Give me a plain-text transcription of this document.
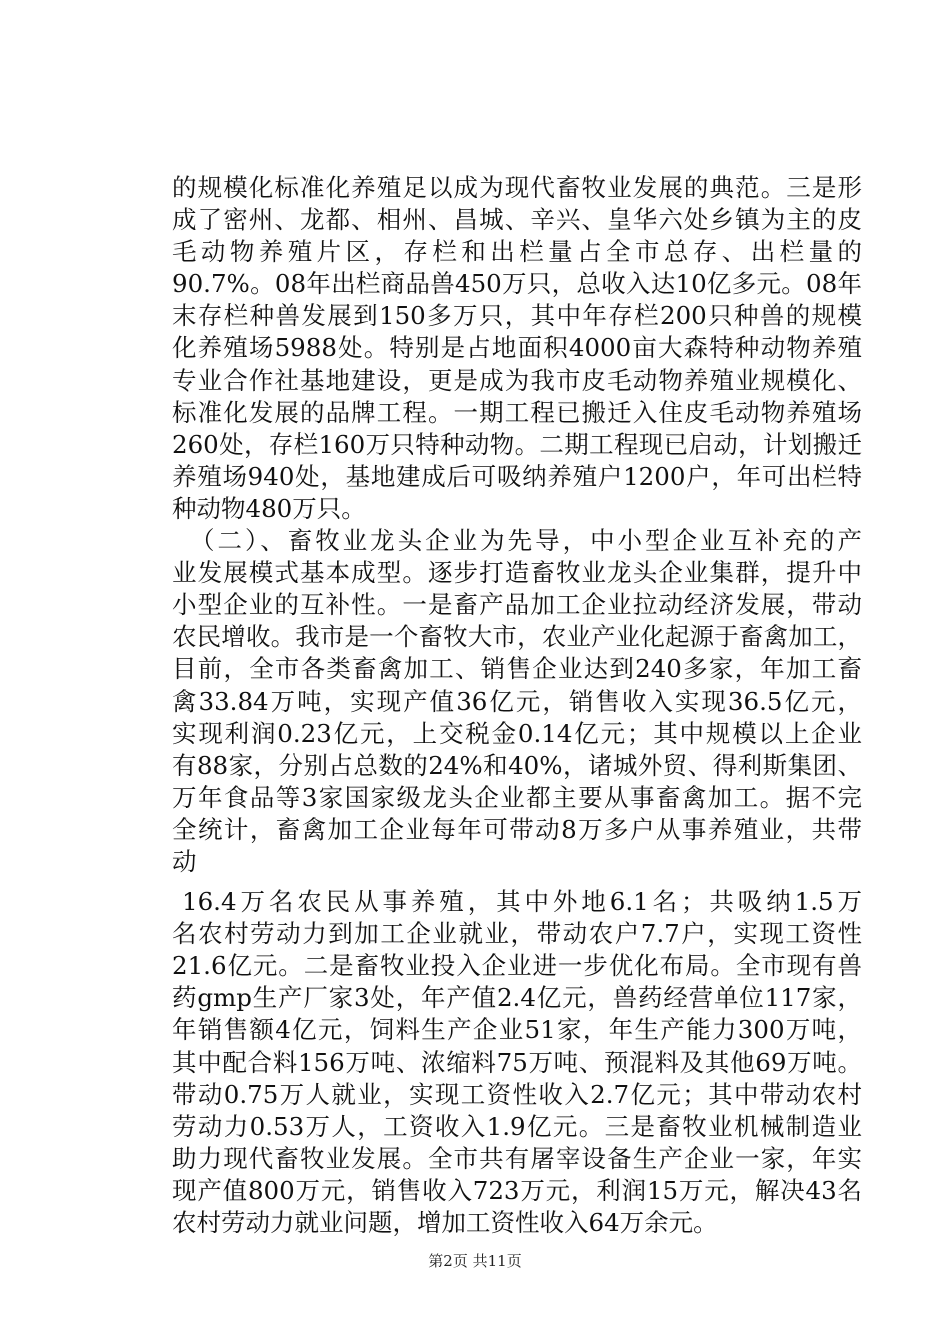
的规模化标准化养殖足以成为现代畜牧业发展的典范。三是形
成了密州、龙都、相州、昌城、辛兴、皇华六处乡镇为主的皮
毛动物养殖片区，存栏和出栏量占全市总存、出栏量的
90.7%。08年出栏商品兽450万只，总收入达10亿多元。08年
末存栏种兽发展到150多万只，其中年存栏200只种兽的规模
化养殖场5988处。特别是占地面积4000亩大森特种动物养殖
专业合作社基地建设，更是成为我市皮毛动物养殖业规模化、
标准化发展的品牌工程。一期工程已搬迁入住皮毛动物养殖场
260处，存栏160万只特种动物。二期工程现已启动，计划搬迁
养殖场940处，基地建成后可吸纳养殖户1200户，年可出栏特
种动物480万只。
（二）、畜牧业龙头企业为先导，中小型企业互补充的产
业发展模式基本成型。逐步打造畜牧业龙头企业集群，提升中
小型企业的互补性。一是畜产品加工企业拉动经济发展，带动
农民增收。我市是一个畜牧大市，农业产业化起源于畜禽加工，
目前，全市各类畜禽加工、销售企业达到240多家，年加工畜
禽33.84万吨，实现产值36亿元，销售收入实现36.5亿元，
实现利润0.23亿元，上交税金0.14亿元；其中规模以上企业
有88家，分别占总数的24%和40%，诸城外贸、得利斯集团、
万年食品等3家国家级龙头企业都主要从事畜禽加工。据不完
全统计，畜禽加工企业每年可带动8万多户从事养殖业，共带
动
16.4万名农民从事养殖，其中外地6.1名；共吸纳1.5万
名农村劳动力到加工企业就业，带动农户7.7户，实现工资性
21.6亿元。二是畜牧业投入企业进一步优化布局。全市现有兽
药gmp生产厂家3处，年产值2.4亿元，兽药经营单位117家，
年销售额4亿元，饲料生产企业51家，年生产能力300万吨，
其中配合料156万吨、浓缩料75万吨、预混料及其他69万吨。
带动0.75万人就业，实现工资性收入2.7亿元；其中带动农村
劳动力0.53万人，工资收入1.9亿元。三是畜牧业机械制造业
助力现代畜牧业发展。全市共有屠宰设备生产企业一家，年实
现产值800万元，销售收入723万元，利润15万元，解决43名
农村劳动力就业问题，增加工资性收入64万余元。
第2页 共11页
